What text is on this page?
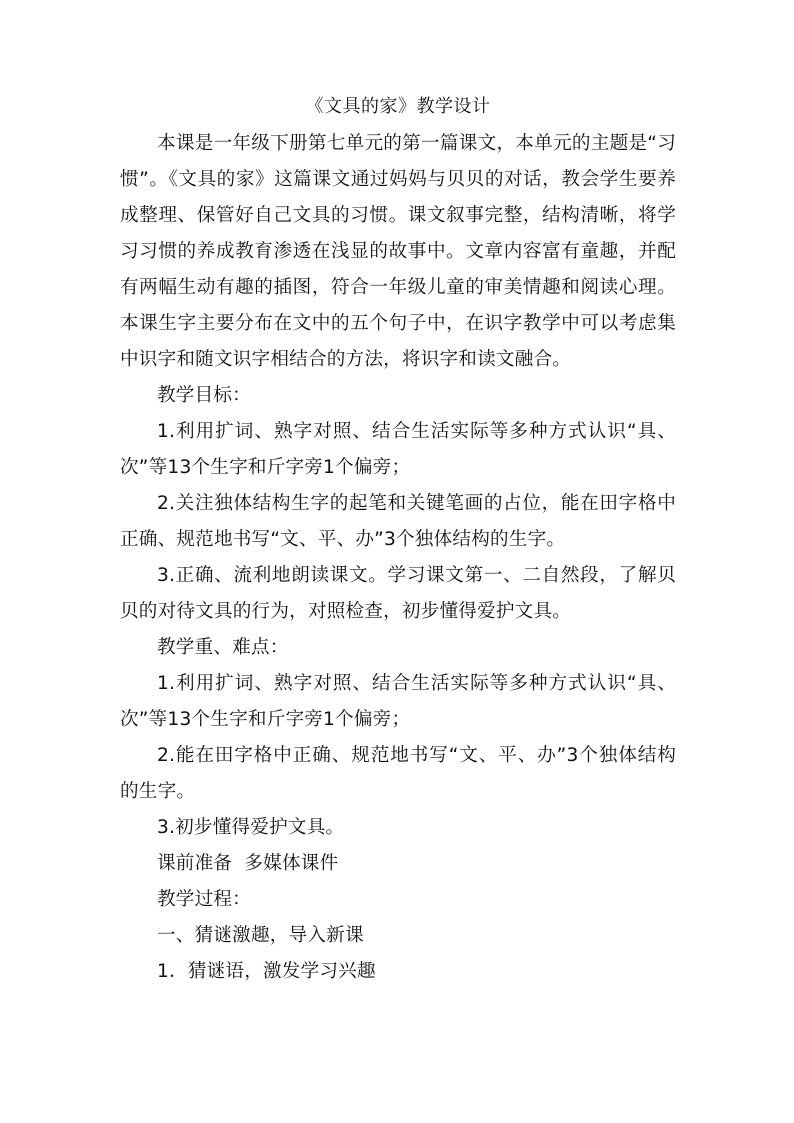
《文具的家》教学设计

本课是一年级下册第七单元的第一篇课文，本单元的主题是“习惯”。《文具的家》这篇课文通过妈妈与贝贝的对话，教会学生要养成整理、保管好自己文具的习惯。课文叙事完整，结构清晰，将学习习惯的养成教育渗透在浅显的故事中。文章内容富有童趣，并配有两幅生动有趣的插图，符合一年级儿童的审美情趣和阅读心理。本课生字主要分布在文中的五个句子中，在识字教学中可以考虑集中识字和随文识字相结合的方法，将识字和读文融合。

教学目标：

1.利用扩词、熟字对照、结合生活实际等多种方式认识“具、次”等13个生字和斤字旁1个偏旁；

2.关注独体结构生字的起笔和关键笔画的占位，能在田字格中正确、规范地书写“文、平、办”3个独体结构的生字。

3.正确、流利地朗读课文。学习课文第一、二自然段，了解贝贝的对待文具的行为，对照检查，初步懂得爱护文具。

教学重、难点：

1.利用扩词、熟字对照、结合生活实际等多种方式认识“具、次”等13个生字和斤字旁1个偏旁；

2.能在田字格中正确、规范地书写“文、平、办”3个独体结构的生字。

3.初步懂得爱护文具。

课前准备  多媒体课件

教学过程：

一、猜谜激趣，导入新课

1．猜谜语，激发学习兴趣
